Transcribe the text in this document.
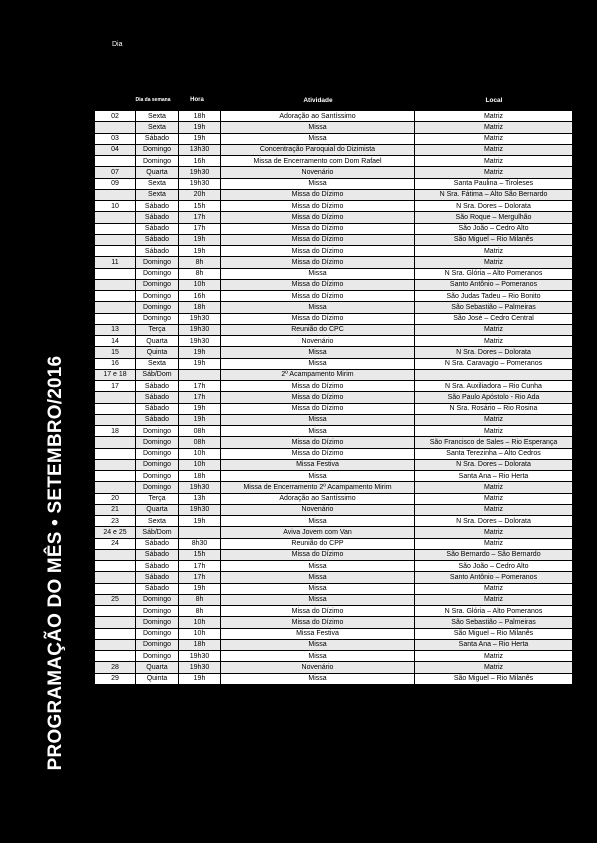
PROGRAMAÇÃO DO MÊS • SETEMBRO/2016
Dia
Dia da semana	Hora	Atividade	Local
02	Sexta	18h	Adoração ao Santíssimo	Matriz
	Sexta	19h	Missa	Matriz
03	Sábado	19h	Missa	Matriz
04	Domingo	13h30	Concentração Paroquial do Dizimista	Matriz
	Domingo	16h	Missa de Encerramento com Dom Rafael	Matriz
07	Quarta	19h30	Novenário	Matriz
09	Sexta	19h30	Missa	Santa Paulina – Tiroleses
	Sexta	20h	Missa do Dízimo	N Sra. Fátima – Alto São Bernardo
10	Sábado	15h	Missa do Dízimo	N Sra. Dores – Dolorata
	Sábado	17h	Missa do Dízimo	São Roque – Mergulhão
	Sábado	17h	Missa do Dízimo	São João – Cedro Alto
	Sábado	19h	Missa do Dízimo	São Miguel – Rio Milanês
	Sábado	19h	Missa do Dízimo	Matriz
11	Domingo	8h	Missa do Dízimo	Matriz
	Domingo	8h	Missa	N Sra. Glória – Alto Pomeranos
	Domingo	10h	Missa do Dízimo	Santo Antônio – Pomeranos
	Domingo	16h	Missa do Dízimo	São Judas Tadeu – Rio Bonito
	Domingo	18h	Missa	São Sebastião – Palmeiras
	Domingo	19h30	Missa do Dízimo	São José – Cedro Central
13	Terça	19h30	Reunião do CPC	Matriz
14	Quarta	19h30	Novenário	Matriz
15	Quinta	19h	Missa	N Sra. Dores – Dolorata
16	Sexta	19h	Missa	N Sra. Caravagio – Pomeranos
17 e 18	Sáb/Dom		2º Acampamento Mirim	
17	Sábado	17h	Missa do Dízimo	N Sra. Auxiliadora – Rio Cunha
	Sábado	17h	Missa do Dízimo	São Paulo Apóstolo - Rio Ada
	Sábado	19h	Missa do Dízimo	N Sra. Rosário – Rio Rosina
	Sábado	19h	Missa	Matriz
18	Domingo	08h	Missa	Matriz
	Domingo	08h	Missa do Dízimo	São Francisco de Sales – Rio Esperança
	Domingo	10h	Missa do Dízimo	Santa Terezinha – Alto Cedros
	Domingo	10h	Missa Festiva	N Sra. Dores – Dolorata
	Domingo	18h	Missa	Santa Ana – Rio Herta
	Domingo	19h30	Missa de Encerramento 2º Acampamento Mirim	Matriz
20	Terça	13h	Adoração ao Santíssimo	Matriz
21	Quarta	19h30	Novenário	Matriz
23	Sexta	19h	Missa	N Sra. Dores – Dolorata
24 e 25	Sáb/Dom		Aviva Jovem com Van	Matriz
24	Sábado	8h30	Reunião do CPP	Matriz
	Sábado	15h	Missa do Dízimo	São Bernardo – São Bernardo
	Sábado	17h	Missa	São João – Cedro Alto
	Sábado	17h	Missa	Santo Antônio – Pomeranos
	Sábado	19h	Missa	Matriz
25	Domingo	8h	Missa	Matriz
	Domingo	8h	Missa do Dízimo	N Sra. Glória – Alto Pomeranos
	Domingo	10h	Missa do Dízimo	São Sebastião – Palmeiras
	Domingo	10h	Missa Festiva	São Miguel – Rio Milanês
	Domingo	18h	Missa	Santa Ana – Rio Herta
	Domingo	19h30	Missa	Matriz
28	Quarta	19h30	Novenário	Matriz
29	Quinta	19h	Missa	São Miguel – Rio Milanês
